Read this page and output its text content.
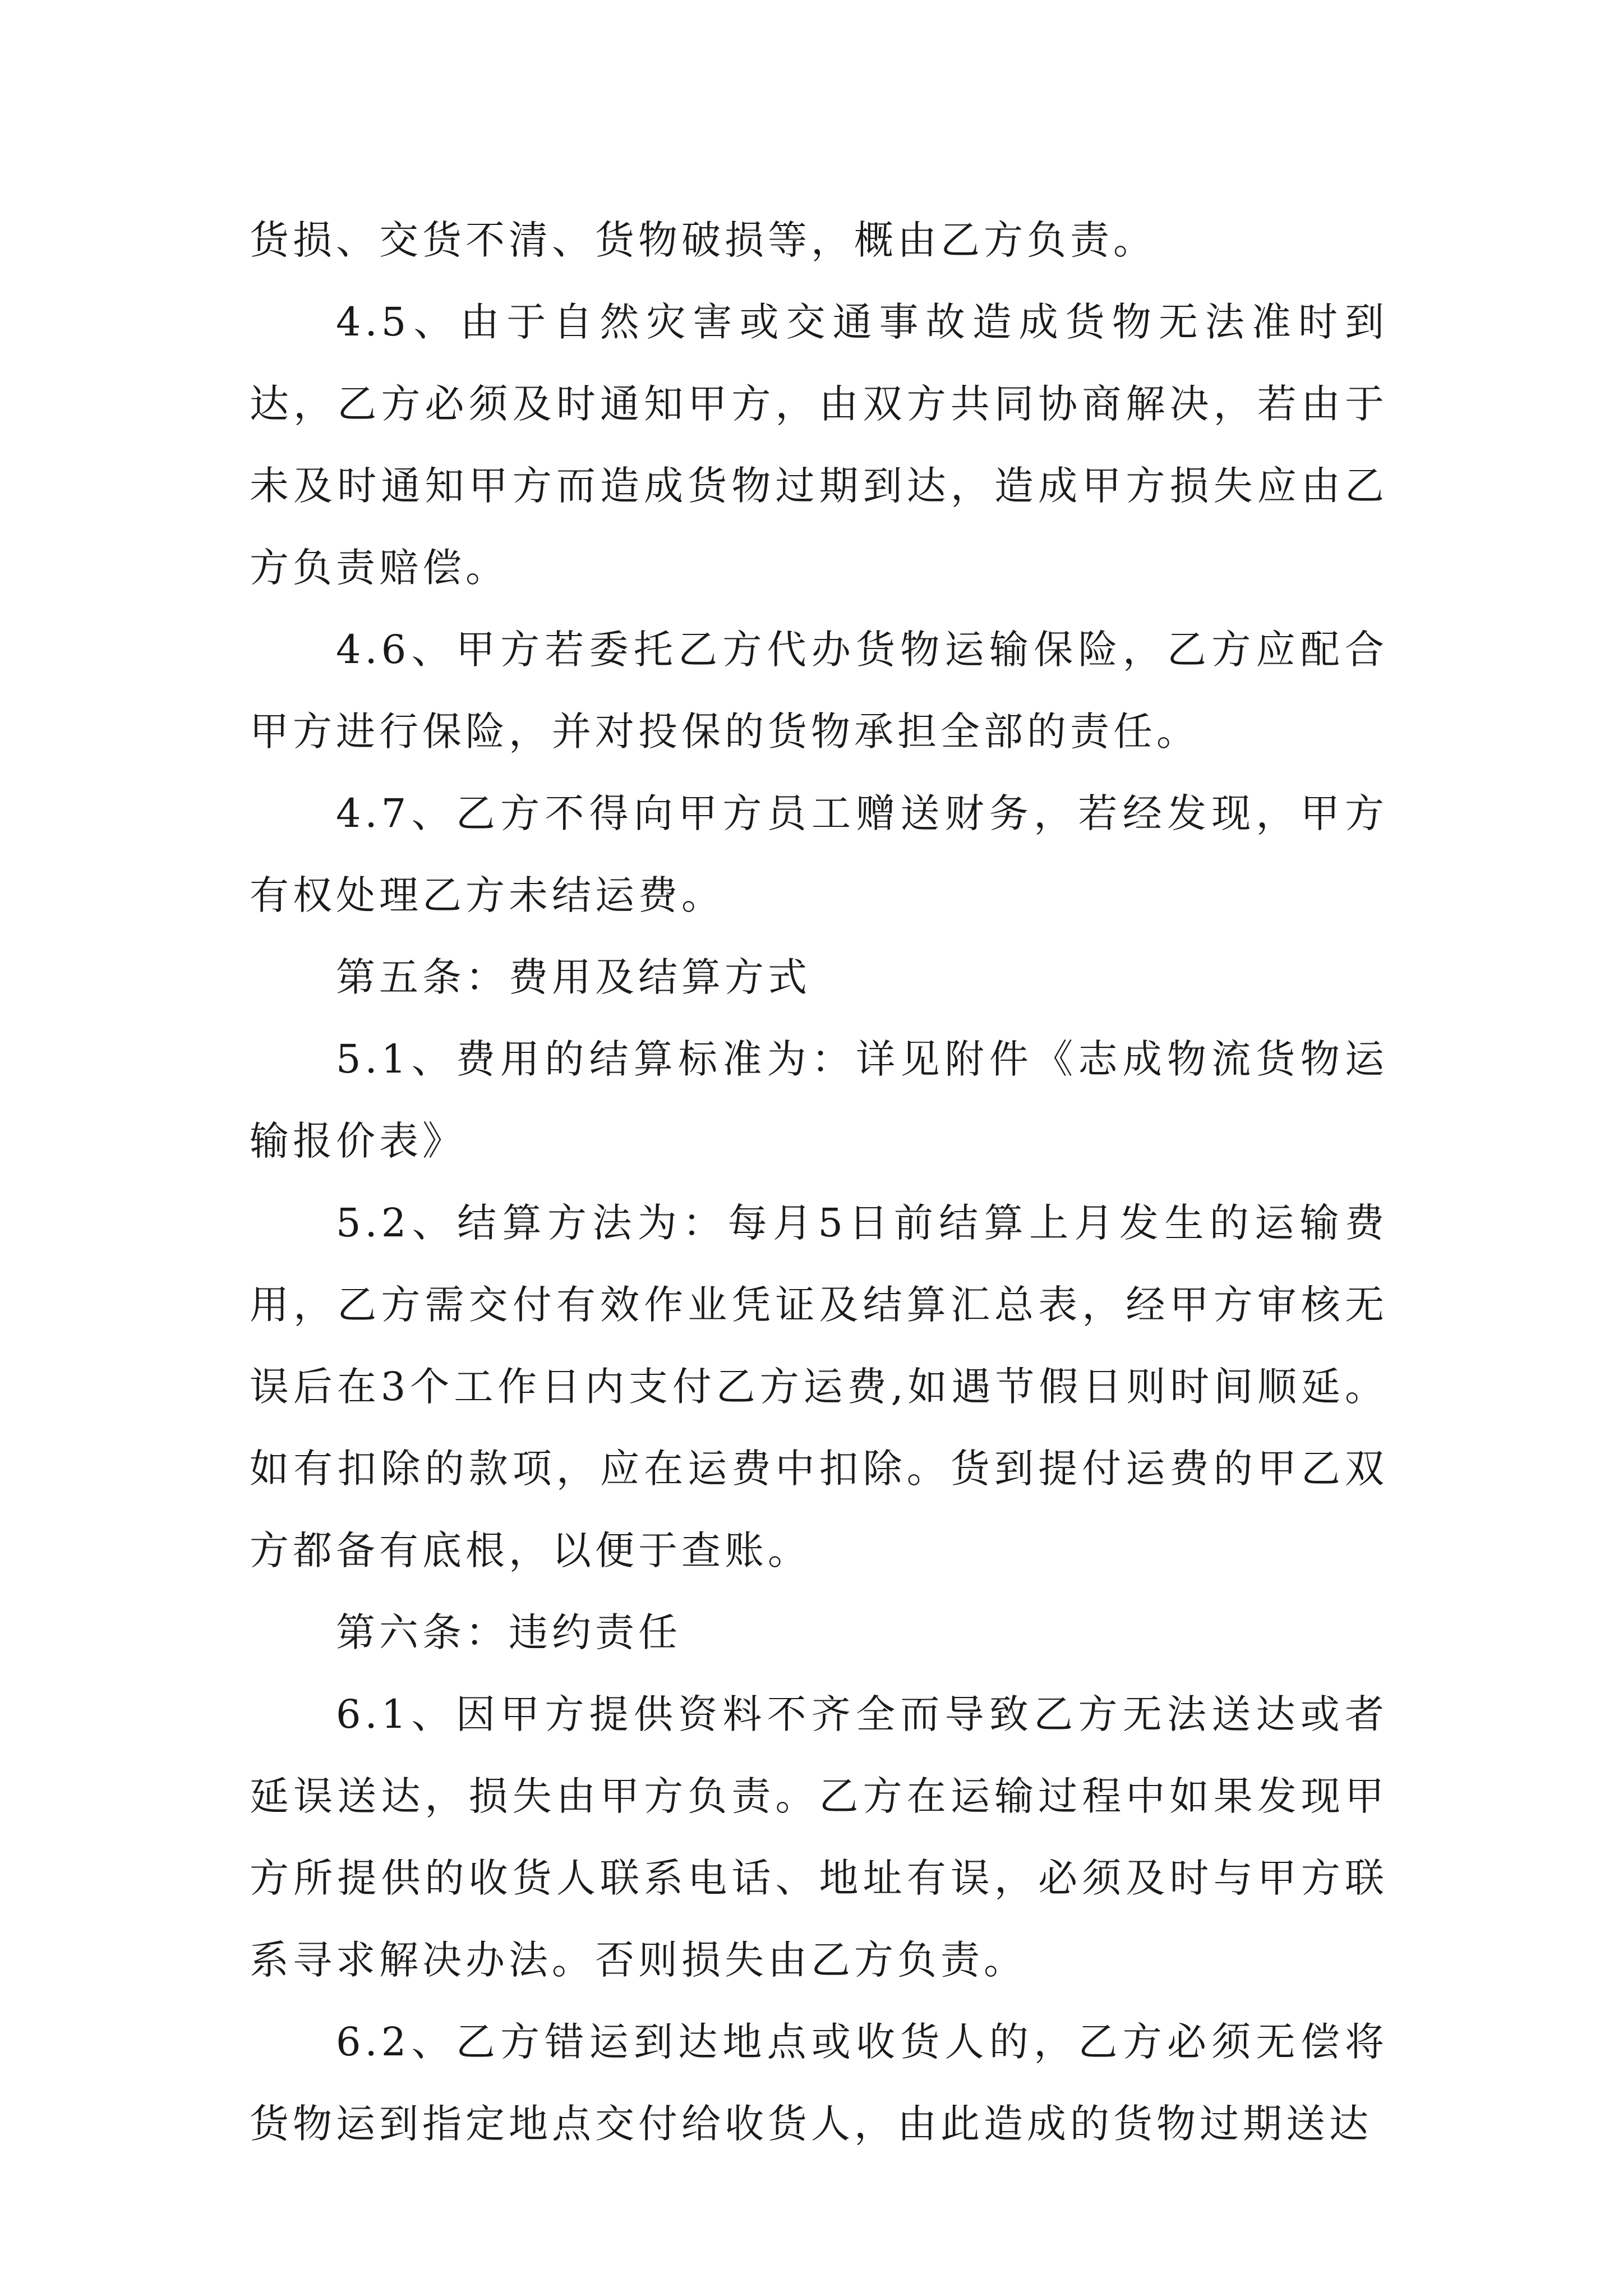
货损、交货不清、货物破损等，概由乙方负责。

4.5、由于自然灾害或交通事故造成货物无法准时到达，乙方必须及时通知甲方，由双方共同协商解决，若由于未及时通知甲方而造成货物过期到达，造成甲方损失应由乙方负责赔偿。

4.6、甲方若委托乙方代办货物运输保险，乙方应配合甲方进行保险，并对投保的货物承担全部的责任。

4.7、乙方不得向甲方员工赠送财务，若经发现，甲方有权处理乙方未结运费。

第五条：费用及结算方式

5.1、费用的结算标准为：详见附件《志成物流货物运输报价表》

5.2、结算方法为：每月5日前结算上月发生的运输费用，乙方需交付有效作业凭证及结算汇总表，经甲方审核无误后在3个工作日内支付乙方运费,如遇节假日则时间顺延。如有扣除的款项，应在运费中扣除。货到提付运费的甲乙双方都备有底根，以便于查账。

第六条：违约责任

6.1、因甲方提供资料不齐全而导致乙方无法送达或者延误送达，损失由甲方负责。乙方在运输过程中如果发现甲方所提供的收货人联系电话、地址有误，必须及时与甲方联系寻求解决办法。否则损失由乙方负责。

6.2、乙方错运到达地点或收货人的，乙方必须无偿将货物运到指定地点交付给收货人，由此造成的货物过期送达
